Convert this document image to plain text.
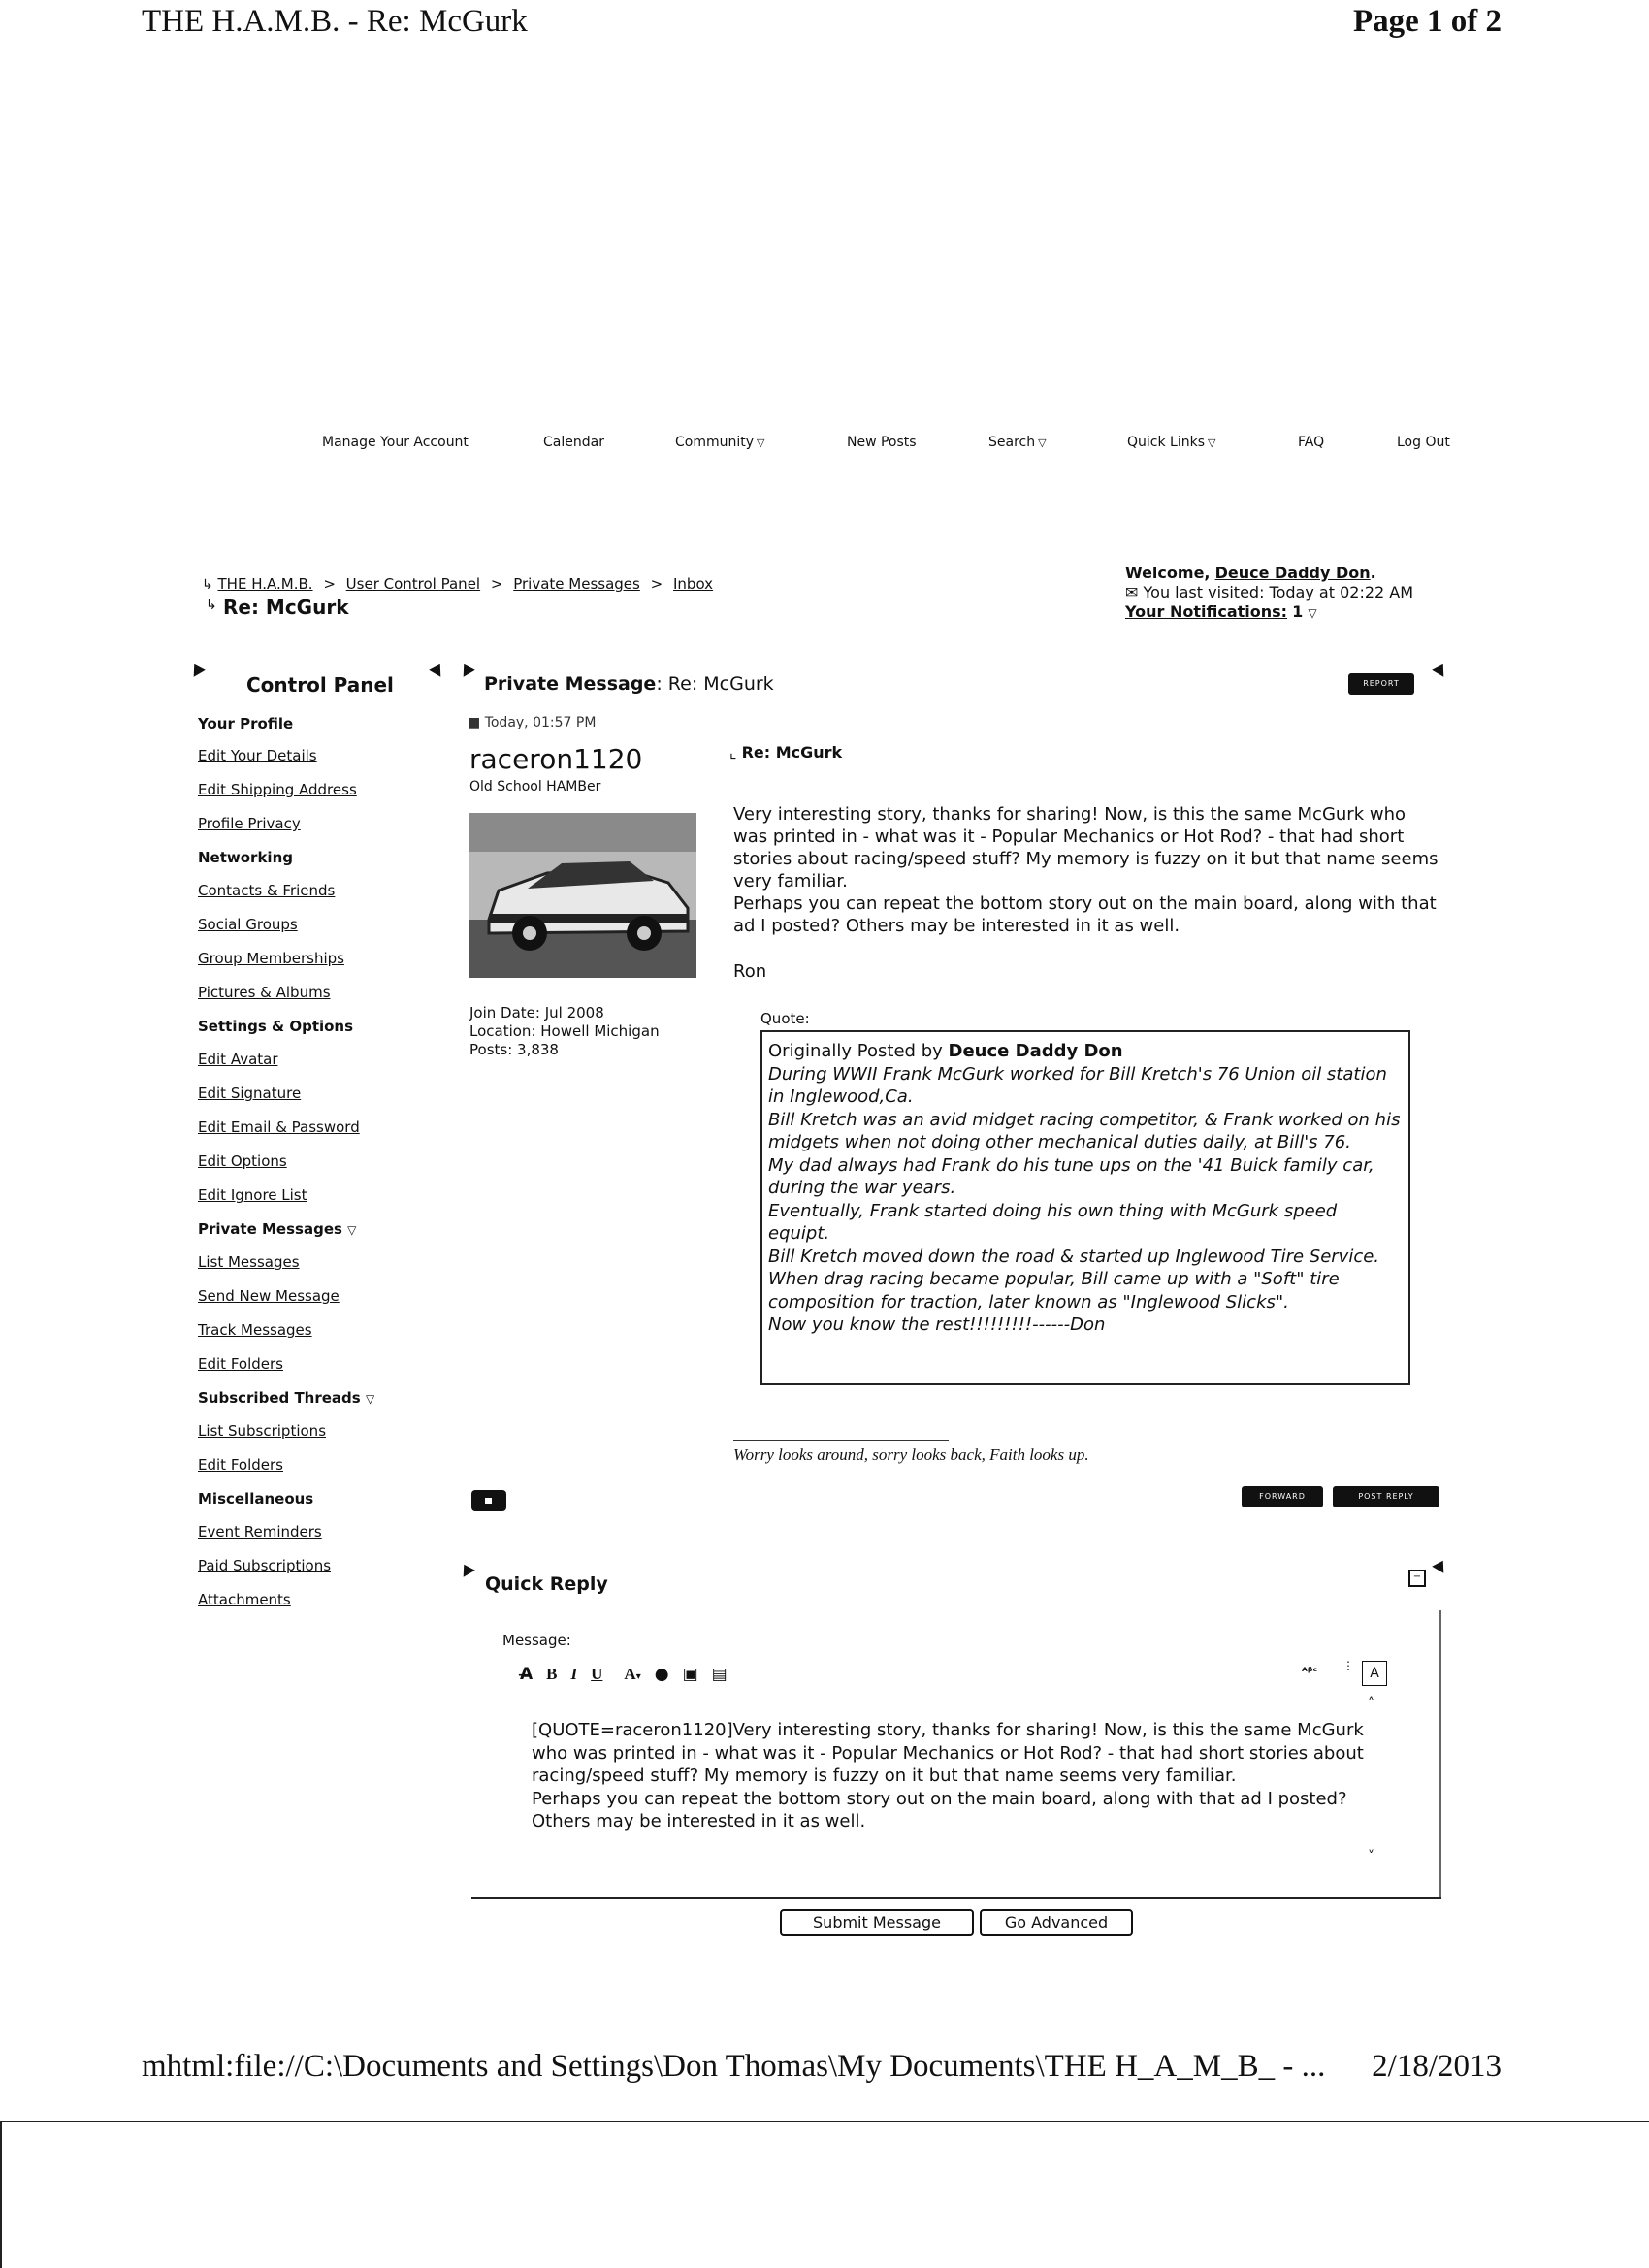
THE H.A.M.B. - Re: McGurk	Page 1 of 2
Manage Your Account	Calendar	Community ▽	New Posts	Search ▽	Quick Links ▽	FAQ	Log Out
↳ THE H.A.M.B. > User Control Panel > Private Messages > Inbox
↳ Re: McGurk
Welcome, Deuce Daddy Don.
✉ You last visited: Today at 02:22 AM
Your Notifications: 1 ▽
Control Panel
Your Profile
Edit Your Details
Edit Shipping Address
Profile Privacy
Networking
Contacts & Friends
Social Groups
Group Memberships
Pictures & Albums
Settings & Options
Edit Avatar
Edit Signature
Edit Email & Password
Edit Options
Edit Ignore List
Private Messages ▽
List Messages
Send New Message
Track Messages
Edit Folders
Subscribed Threads ▽
List Subscriptions
Edit Folders
Miscellaneous
Event Reminders
Paid Subscriptions
Attachments
Private Message: Re: McGurk	REPORT
■ Today, 01:57 PM
raceron1120
Old School HAMBer
Join Date: Jul 2008
Location: Howell Michigan
Posts: 3,838
⌞ Re: McGurk
Very interesting story, thanks for sharing! Now, is this the same McGurk who was printed in - what was it - Popular Mechanics or Hot Rod? - that had short stories about racing/speed stuff? My memory is fuzzy on it but that name seems very familiar.
Perhaps you can repeat the bottom story out on the main board, along with that ad I posted? Others may be interested in it as well.
Ron
Quote:
Originally Posted by Deuce Daddy Don
During WWII Frank McGurk worked for Bill Kretch's 76 Union oil station in Inglewood,Ca.
Bill Kretch was an avid midget racing competitor, & Frank worked on his midgets when not doing other mechanical duties daily, at Bill's 76.
My dad always had Frank do his tune ups on the '41 Buick family car, during the war years.
Eventually, Frank started doing his own thing with McGurk speed equipt.
Bill Kretch moved down the road & started up Inglewood Tire Service.
When drag racing became popular, Bill came up with a "Soft" tire composition for traction, later known as "Inglewood Slicks".
Now you know the rest!!!!!!!!!------Don
Worry looks around, sorry looks back, Faith looks up.
FORWARD	POST REPLY
Quick Reply	−
Message:
A̶ B I U A▾ ● ▣ ▤	ᴬᵝᶜ ⋮	A
[QUOTE=raceron1120]Very interesting story, thanks for sharing! Now, is this the same McGurk who was printed in - what was it - Popular Mechanics or Hot Rod? - that had short stories about racing/speed stuff? My memory is fuzzy on it but that name seems very familiar.
Perhaps you can repeat the bottom story out on the main board, along with that ad I posted? Others may be interested in it as well.
˄
˅
Submit Message	Go Advanced
mhtml:file://C:\Documents and Settings\Don Thomas\My Documents\THE H_A_M_B_ - ... 2/18/2013
